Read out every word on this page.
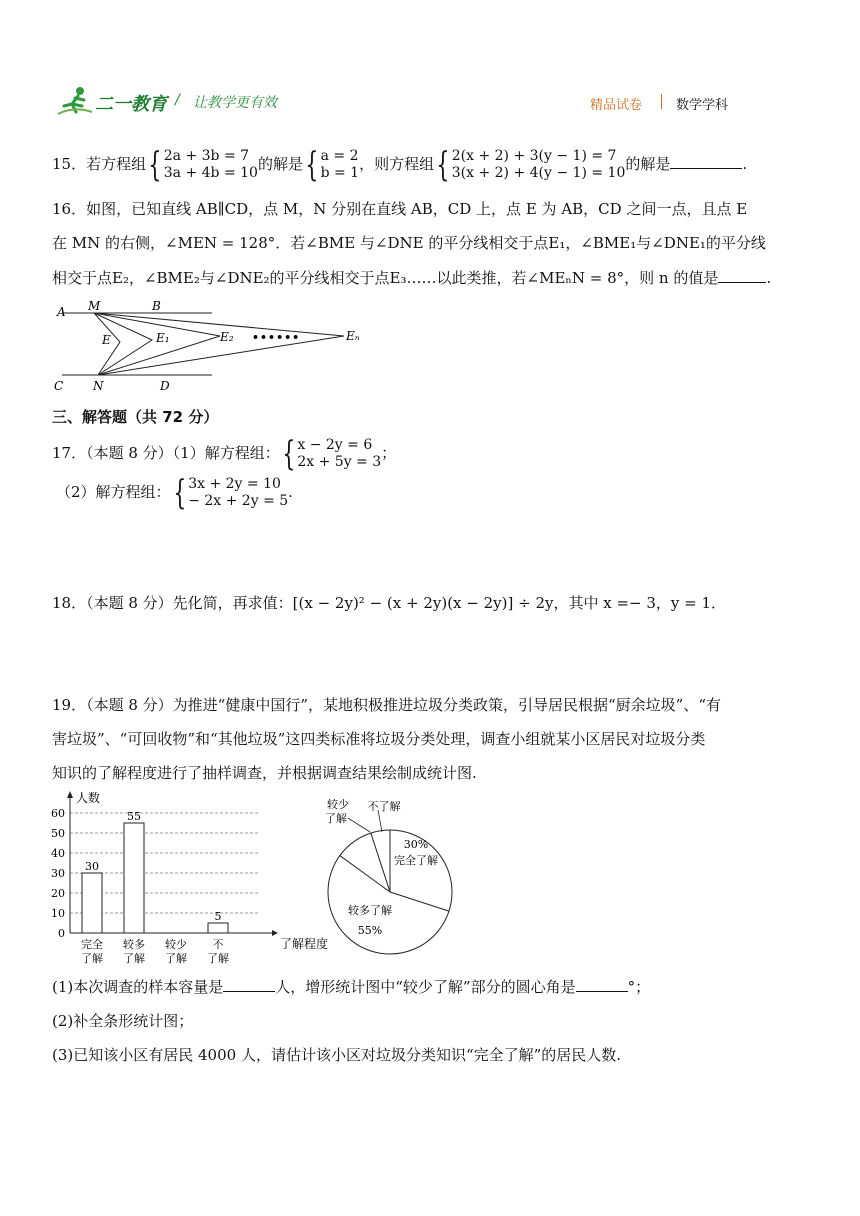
二一教育 / 让教学更有效	精品试卷	数学学科
15．若方程组{ 2a + 3b = 7
3a + 4b = 10的解是{ a = 2
b = 1，则方程组{ 2(x + 2) + 3(y − 1) = 7
3(x + 2) + 4(y − 1) = 10的解是	.
16．如图，已知直线 AB∥CD，点 M，N 分别在直线 AB，CD 上，点 E 为 AB，CD 之间一点，且点 E
在 MN 的右侧，∠MEN = 128°．若∠BME 与∠DNE 的平分线相交于点E₁，∠BME₁与∠DNE₁的平分线
相交于点E₂，∠BME₂与∠DNE₂的平分线相交于点E₃……以此类推，若∠MEₙN = 8°，则 n 的值是	.
A M	B
E	E₁	E₂ ••••••	Eₙ
C N	D
三、解答题（共 72 分）
17．（本题 8 分）（1）解方程组：{ x − 2y = 6
2x + 5y = 3；
（2）解方程组：{ 3x + 2y = 10
− 2x + 2y = 5.
18．（本题 8 分）先化简，再求值：[(x − 2y)² − (x + 2y)(x − 2y)] ÷ 2y，其中 x =− 3，y = 1．
19．（本题 8 分）为推进“健康中国行”，某地积极推进垃圾分类政策，引导居民根据“厨余垃圾”、“有
害垃圾”、“可回收物”和“其他垃圾”这四类标准将垃圾分类处理，调查小组就某小区居民对垃圾分类
知识的了解程度进行了抽样调查，并根据调查结果绘制成统计图.
0
10
20
30
40
50
60
人数
了解程度
30
完全
了解
55
较多
了解
较少
了解
5
不
了解
30%
完全了解
较多了解
55%
较少
了解
不了解
(1)本次调查的样本容量是	人，增形统计图中“较少了解”部分的圆心角是	°；
(2)补全条形统计图；
(3)已知该小区有居民 4000 人，请估计该小区对垃圾分类知识“完全了解”的居民人数.
